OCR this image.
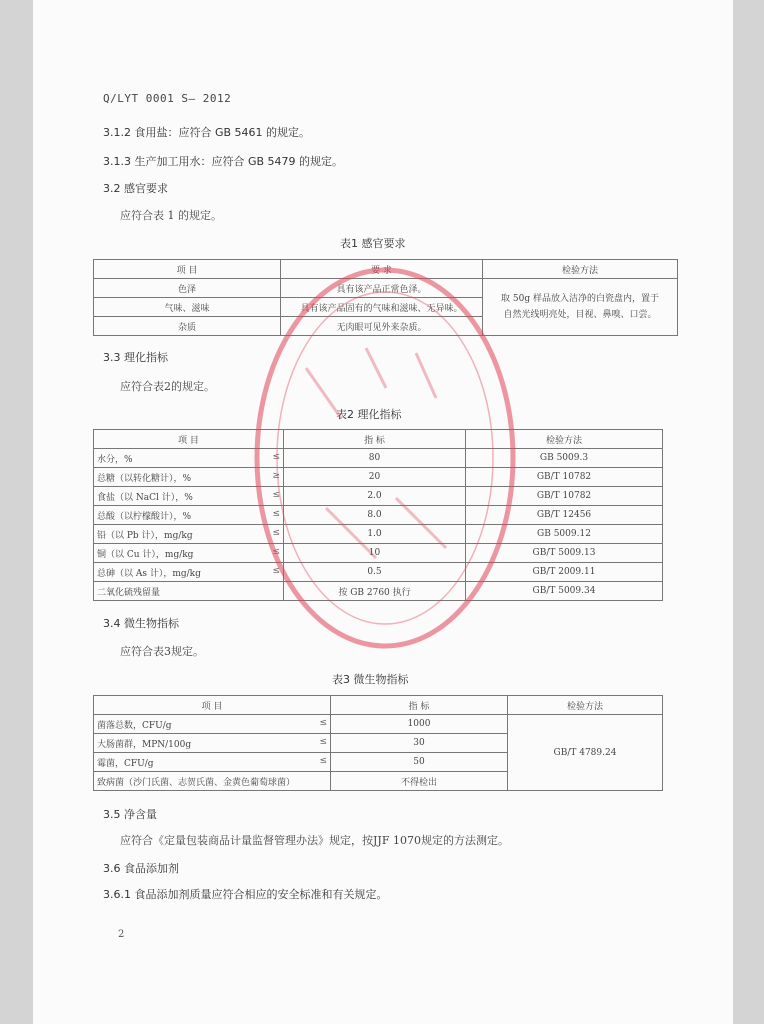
Q/LYT 0001 S— 2012
3.1.2 食用盐：应符合 GB 5461 的规定。
3.1.3 生产加工用水：应符合 GB 5479 的规定。
3.2 感官要求
应符合表 1 的规定。
表1 感官要求
项 目	要 求	检验方法
色泽	具有该产品正常色泽。	取 50g 样品放入洁净的白瓷盘内，置于
自然光线明亮处，目视、鼻嗅、口尝。

气味、滋味	具有该产品固有的气味和滋味、无异味。	
杂质	无肉眼可见外来杂质。	
3.3 理化指标
应符合表2的规定。
表2 理化指标
项 目	指 标	检验方法
水分，% ≤	80	GB 5009.3
总糖（以转化糖计），% ≥	20	GB/T 10782
食盐（以 NaCl 计），% ≤	2.0	GB/T 10782
总酸（以柠檬酸计），% ≤	8.0	GB/T 12456
铅（以 Pb 计），mg/kg ≤	1.0	GB 5009.12
铜（以 Cu 计），mg/kg ≤	10	GB/T 5009.13
总砷（以 As 计），mg/kg ≤	0.5	GB/T 2009.11
二氧化硫残留量	按 GB 2760 执行	GB/T 5009.34
3.4 微生物指标
应符合表3规定。
表3 微生物指标
项 目	指 标	检验方法
菌落总数，CFU/g ≤	1000	GB/T 4789.24
大肠菌群，MPN/100g ≤	30	
霉菌，CFU/g ≤	50	
致病菌（沙门氏菌、志贺氏菌、金黄色葡萄球菌）	不得检出	
3.5 净含量
应符合《定量包装商品计量监督管理办法》规定，按JJF 1070规定的方法测定。
3.6 食品添加剂
3.6.1 食品添加剂质量应符合相应的安全标准和有关规定。
2
